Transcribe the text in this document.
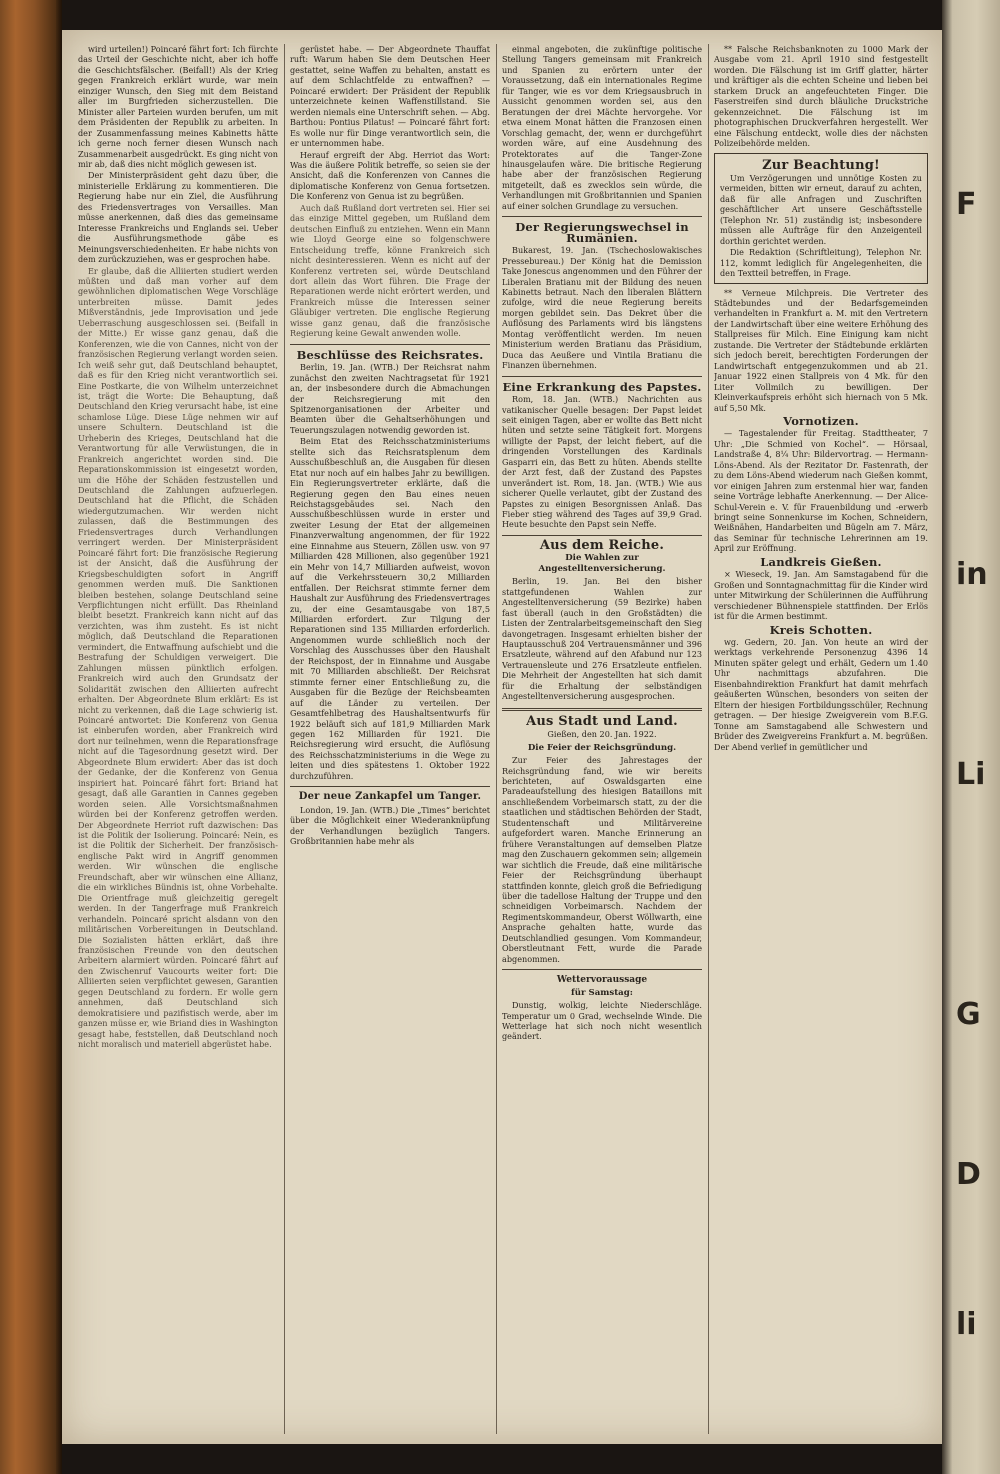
wird urteilen!) Poincaré fährt fort: Ich fürchte das Urteil der Geschichte nicht, aber ich hoffe die Geschichtsfälscher. (Beifall!) Als der Krieg gegen Frankreich erklärt wurde, war mein einziger Wunsch, den Sieg mit dem Beistand aller im Burgfrieden sicherzustellen. Die Minister aller Parteien wurden berufen, um mit dem Präsidenten der Republik zu arbeiten. In der Zusammenfassung meines Kabinetts hätte ich gerne noch ferner diesen Wunsch nach Zusammenarbeit ausgedrückt. Es ging nicht von mir ab, daß dies nicht möglich gewesen ist.

Der Ministerpräsident geht dazu über, die ministerielle Erklärung zu kommentieren. Die Regierung habe nur ein Ziel, die Ausführung des Friedensvertrages von Versailles. Man müsse anerkennen, daß dies das gemeinsame Interesse Frankreichs und Englands sei. Ueber die Ausführungsmethode gäbe es Meinungsverschiedenheiten. Er habe nichts von dem zurückzuziehen, was er gesprochen habe.

Er glaube, daß die Alliierten studiert werden müßten und daß man vorher auf dem gewöhnlichen diplomatischen Wege Vorschläge unterbreiten müsse. Damit jedes Mißverständnis, jede Improvisation und jede Ueberraschung ausgeschlossen sei. (Beifall in der Mitte.) Er wisse ganz genau, daß die Konferenzen, wie die von Cannes, nicht von der französischen Regierung verlangt worden seien. Ich weiß sehr gut, daß Deutschland behauptet, daß es für den Krieg nicht verantwortlich sei. Eine Postkarte, die von Wilhelm unterzeichnet ist, trägt die Worte: Die Behauptung, daß Deutschland den Krieg verursacht habe, ist eine schamlose Lüge. Diese Lüge nehmen wir auf unsere Schultern. Deutschland ist die Urheberin des Krieges, Deutschland hat die Verantwortung für alle Verwüstungen, die in Frankreich angerichtet worden sind. Die Reparationskommission ist eingesetzt worden, um die Höhe der Schäden festzustellen und Deutschland die Zahlungen aufzuerlegen. Deutschland hat die Pflicht, die Schäden wiedergutzumachen. Wir werden nicht zulassen, daß die Bestimmungen des Friedensvertrages durch Verhandlungen verringert werden. Der Ministerpräsident Poincaré fährt fort: Die französische Regierung ist der Ansicht, daß die Ausführung der Kriegsbeschuldigten sofort in Angriff genommen werden muß. Die Sanktionen bleiben bestehen, solange Deutschland seine Verpflichtungen nicht erfüllt. Das Rheinland bleibt besetzt. Frankreich kann nicht auf das verzichten, was ihm zusteht. Es ist nicht möglich, daß Deutschland die Reparationen vermindert, die Entwaffnung aufschiebt und die Bestrafung der Schuldigen verweigert. Die Zahlungen müssen pünktlich erfolgen. Frankreich wird auch den Grundsatz der Solidarität zwischen den Alliierten aufrecht erhalten. Der Abgeordnete Blum erklärt: Es ist nicht zu verkennen, daß die Lage schwierig ist. Poincaré antwortet: Die Konferenz von Genua ist einberufen worden, aber Frankreich wird dort nur teilnehmen, wenn die Reparationsfrage nicht auf die Tagesordnung gesetzt wird. Der Abgeordnete Blum erwidert: Aber das ist doch der Gedanke, der die Konferenz von Genua inspiriert hat. Poincaré fährt fort: Briand hat gesagt, daß alle Garantien in Cannes gegeben worden seien. Alle Vorsichtsmaßnahmen würden bei der Konferenz getroffen werden. Der Abgeordnete Herriot ruft dazwischen: Das ist die Politik der Isolierung. Poincaré: Nein, es ist die Politik der Sicherheit. Der französisch-englische Pakt wird in Angriff genommen werden. Wir wünschen die englische Freundschaft, aber wir wünschen eine Allianz, die ein wirkliches Bündnis ist, ohne Vorbehalte. Die Orientfrage muß gleichzeitig geregelt werden. In der Tangerfrage muß Frankreich verhandeln. Poincaré spricht alsdann von den militärischen Vorbereitungen in Deutschland. Die Sozialisten hätten erklärt, daß ihre französischen Freunde von den deutschen Arbeitern alarmiert würden. Poincaré fährt auf den Zwischenruf Vaucourts weiter fort: Die Alliierten seien verpflichtet gewesen, Garantien gegen Deutschland zu fordern. Er wolle gern annehmen, daß Deutschland sich demokratisiere und pazifistisch werde, aber im ganzen müsse er, wie Briand dies in Washington gesagt habe, feststellen, daß Deutschland noch nicht moralisch und materiell abgerüstet habe.

gerüstet habe. — Der Abgeordnete Thauffat ruft: Warum haben Sie dem Deutschen Heer gestattet, seine Waffen zu behalten, anstatt es auf dem Schlachtfelde zu entwaffnen? — Poincaré erwidert: Der Präsident der Republik unterzeichnete keinen Waffenstillstand. Sie werden niemals eine Unterschrift sehen. — Abg. Barthou: Pontius Pilatus! — Poincaré fährt fort: Es wolle nur für Dinge verantwortlich sein, die er unternommen habe.

Herauf ergreift der Abg. Herriot das Wort: Was die äußere Politik betreffe, so seien sie der Ansicht, daß die Konferenzen von Cannes die diplomatische Konferenz von Genua fortsetzen. Die Konferenz von Genua ist zu begrüßen.

Auch daß Rußland dort vertreten sei. Hier sei das einzige Mittel gegeben, um Rußland dem deutschen Einfluß zu entziehen. Wenn ein Mann wie Lloyd George eine so folgenschwere Entscheidung treffe, könne Frankreich sich nicht desinteressieren. Wenn es nicht auf der Konferenz vertreten sei, würde Deutschland dort allein das Wort führen. Die Frage der Reparationen werde nicht erörtert werden, und Frankreich müsse die Interessen seiner Gläubiger vertreten. Die englische Regierung wisse ganz genau, daß die französische Regierung keine Gewalt anwenden wolle.

Beschlüsse des Reichsrates.

Berlin, 19. Jan. (WTB.) Der Reichsrat nahm zunächst den zweiten Nachtragsetat für 1921 an, der insbesondere durch die Abmachungen der Reichsregierung mit den Spitzenorganisationen der Arbeiter und Beamten über die Gehaltserhöhungen und Teuerungszulagen notwendig geworden ist.

Beim Etat des Reichsschatzministeriums stellte sich das Reichsratsplenum dem Ausschußbeschluß an, die Ausgaben für diesen Etat nur noch auf ein halbes Jahr zu bewilligen. Ein Regierungsvertreter erklärte, daß die Regierung gegen den Bau eines neuen Reichstagsgebäudes sei. Nach den Ausschußbeschlüssen wurde in erster und zweiter Lesung der Etat der allgemeinen Finanzverwaltung angenommen, der für 1922 eine Einnahme aus Steuern, Zöllen usw. von 97 Milliarden 428 Millionen, also gegenüber 1921 ein Mehr von 14,7 Milliarden aufweist, wovon auf die Verkehrssteuern 30,2 Milliarden entfallen. Der Reichsrat stimmte ferner dem Haushalt zur Ausführung des Friedensvertrages zu, der eine Gesamtausgabe von 187,5 Milliarden erfordert. Zur Tilgung der Reparationen sind 135 Milliarden erforderlich. Angenommen wurde schließlich noch der Vorschlag des Ausschusses über den Haushalt der Reichspost, der in Einnahme und Ausgabe mit 70 Milliarden abschließt. Der Reichsrat stimmte ferner einer Entschließung zu, die Ausgaben für die Bezüge der Reichsbeamten auf die Länder zu verteilen. Der Gesamtfehlbetrag des Haushaltsentwurfs für 1922 beläuft sich auf 181,9 Milliarden Mark gegen 162 Milliarden für 1921. Die Reichsregierung wird ersucht, die Auflösung des Reichsschatzministeriums in die Wege zu leiten und dies spätestens 1. Oktober 1922 durchzuführen.

Der neue Zankapfel um Tanger.

London, 19. Jan. (WTB.) Die „Times“ berichtet über die Möglichkeit einer Wiederanknüpfung der Verhandlungen bezüglich Tangers. Großbritannien habe mehr als

einmal angeboten, die zukünftige politische Stellung Tangers gemeinsam mit Frankreich und Spanien zu erörtern unter der Voraussetzung, daß ein internationales Regime für Tanger, wie es vor dem Kriegsausbruch in Aussicht genommen worden sei, aus den Beratungen der drei Mächte hervorgehe. Vor etwa einem Monat hätten die Franzosen einen Vorschlag gemacht, der, wenn er durchgeführt worden wäre, auf eine Ausdehnung des Protektorates auf die Tanger-Zone hinausgelaufen wäre. Die britische Regierung habe aber der französischen Regierung mitgeteilt, daß es zwecklos sein würde, die Verhandlungen mit Großbritannien und Spanien auf einer solchen Grundlage zu versuchen.

Der Regierungswechsel in Rumänien.

Bukarest, 19. Jan. (Tschechoslowakisches Pressebureau.) Der König hat die Demission Take Jonescus angenommen und den Führer der Liberalen Bratianu mit der Bildung des neuen Kabinetts betraut. Nach den liberalen Blättern zufolge, wird die neue Regierung bereits morgen gebildet sein. Das Dekret über die Auflösung des Parlaments wird bis längstens Montag veröffentlicht werden. Im neuen Ministerium werden Bratianu das Präsidium, Duca das Aeußere und Vintila Bratianu die Finanzen übernehmen.

Eine Erkrankung des Papstes.

Rom, 18. Jan. (WTB.) Nachrichten aus vatikanischer Quelle besagen: Der Papst leidet seit einigen Tagen, aber er wollte das Bett nicht hüten und setzte seine Tätigkeit fort. Morgens willigte der Papst, der leicht fiebert, auf die dringenden Vorstellungen des Kardinals Gasparri ein, das Bett zu hüten. Abends stellte der Arzt fest, daß der Zustand des Papstes unverändert ist. Rom, 18. Jan. (WTB.) Wie aus sicherer Quelle verlautet, gibt der Zustand des Papstes zu einigen Besorgnissen Anlaß. Das Fieber stieg während des Tages auf 39,9 Grad. Heute besuchte den Papst sein Neffe.

Aus dem Reiche.
Die Wahlen zur Angestelltenversicherung.

Berlin, 19. Jan. Bei den bisher stattgefundenen Wahlen zur Angestelltenversicherung (59 Bezirke) haben fast überall (auch in den Großstädten) die Listen der Zentralarbeitsgemeinschaft den Sieg davongetragen. Insgesamt erhielten bisher der Hauptausschuß 204 Vertrauensmänner und 396 Ersatzleute, während auf den Afabund nur 123 Vertrauensleute und 276 Ersatzleute entfielen. Die Mehrheit der Angestellten hat sich damit für die Erhaltung der selbständigen Angestelltenversicherung ausgesprochen.

Aus Stadt und Land.
Gießen, den 20. Jan. 1922.
Die Feier der Reichsgründung.

Zur Feier des Jahrestages der Reichsgründung fand, wie wir bereits berichteten, auf Oswaldsgarten eine Paradeaufstellung des hiesigen Bataillons mit anschließendem Vorbeimarsch statt, zu der die staatlichen und städtischen Behörden der Stadt, Studentenschaft und Militärvereine aufgefordert waren. Manche Erinnerung an frühere Veranstaltungen auf demselben Platze mag den Zuschauern gekommen sein; allgemein war sichtlich die Freude, daß eine militärische Feier der Reichsgründung überhaupt stattfinden konnte, gleich groß die Befriedigung über die tadellose Haltung der Truppe und den schneidigen Vorbeimarsch. Nachdem der Regimentskommandeur, Oberst Wöllwarth, eine Ansprache gehalten hatte, wurde das Deutschlandlied gesungen. Vom Kommandeur, Oberstleutnant Fett, wurde die Parade abgenommen.

Wettervoraussage
für Samstag:

Dunstig, wolkig, leichte Niederschläge. Temperatur um 0 Grad, wechselnde Winde. Die Wetterlage hat sich noch nicht wesentlich geändert.

** Falsche Reichsbanknoten zu 1000 Mark der Ausgabe vom 21. April 1910 sind festgestellt worden. Die Fälschung ist im Griff glatter, härter und kräftiger als die echten Scheine und lieben bei starkem Druck an angefeuchteten Finger. Die Faserstreifen sind durch bläuliche Druckstriche gekennzeichnet. Die Fälschung ist im photographischen Druckverfahren hergestellt. Wer eine Fälschung entdeckt, wolle dies der nächsten Polizeibehörde melden.

Zur Beachtung!

Um Verzögerungen und unnötige Kosten zu vermeiden, bitten wir erneut, darauf zu achten, daß für alle Anfragen und Zuschriften geschäftlicher Art unsere Geschäftsstelle (Telephon Nr. 51) zuständig ist; insbesondere müssen alle Aufträge für den Anzeigenteil dorthin gerichtet werden.

Die Redaktion (Schriftleitung), Telephon Nr. 112, kommt lediglich für Angelegenheiten, die den Textteil betreffen, in Frage.

** Verneue Milchpreis. Die Vertreter des Städtebundes und der Bedarfsgemeinden verhandelten in Frankfurt a. M. mit den Vertretern der Landwirtschaft über eine weitere Erhöhung des Stallpreises für Milch. Eine Einigung kam nicht zustande. Die Vertreter der Städtebunde erklärten sich jedoch bereit, berechtigten Forderungen der Landwirtschaft entgegenzukommen und ab 21. Januar 1922 einen Stallpreis von 4 Mk. für den Liter Vollmilch zu bewilligen. Der Kleinverkaufspreis erhöht sich hiernach von 5 Mk. auf 5,50 Mk.

Vornotizen.

— Tagestalender für Freitag. Stadttheater, 7 Uhr: „Die Schmied von Kochel“. — Hörsaal, Landstraße 4, 8¼ Uhr: Bildervortrag. — Hermann-Löns-Abend. Als der Rezitator Dr. Fastenrath, der zu dem Löns-Abend wiederum nach Gießen kommt, vor einigen Jahren zum erstenmal hier war, fanden seine Vorträge lebhafte Anerkennung. — Der Alice-Schul-Verein e. V. für Frauenbildung und -erwerb bringt seine Sonnenkurse im Kochen, Schneidern, Weißnähen, Handarbeiten und Bügeln am 7. März, das Seminar für technische Lehrerinnen am 19. April zur Eröffnung.

Landkreis Gießen.

× Wieseck, 19. Jan. Am Samstagabend für die Großen und Sonntagnachmittag für die Kinder wird unter Mitwirkung der Schülerinnen die Aufführung verschiedener Bühnenspiele stattfinden. Der Erlös ist für die Armen bestimmt.

Kreis Schotten.

wg. Gedern, 20. Jan. Von heute an wird der werktags verkehrende Personenzug 4396 14 Minuten später gelegt und erhält, Gedern um 1.40 Uhr nachmittags abzufahren. Die Eisenbahndirektion Frankfurt hat damit mehrfach geäußerten Wünschen, besonders von seiten der Eltern der hiesigen Fortbildungsschüler, Rechnung getragen. — Der hiesige Zweigverein vom B.F.G. Tonne am Samstagabend alle Schwestern und Brüder des Zweigvereins Frankfurt a. M. begrüßen. Der Abend verlief in gemütlicher und

F
in
Li
G
D
li
